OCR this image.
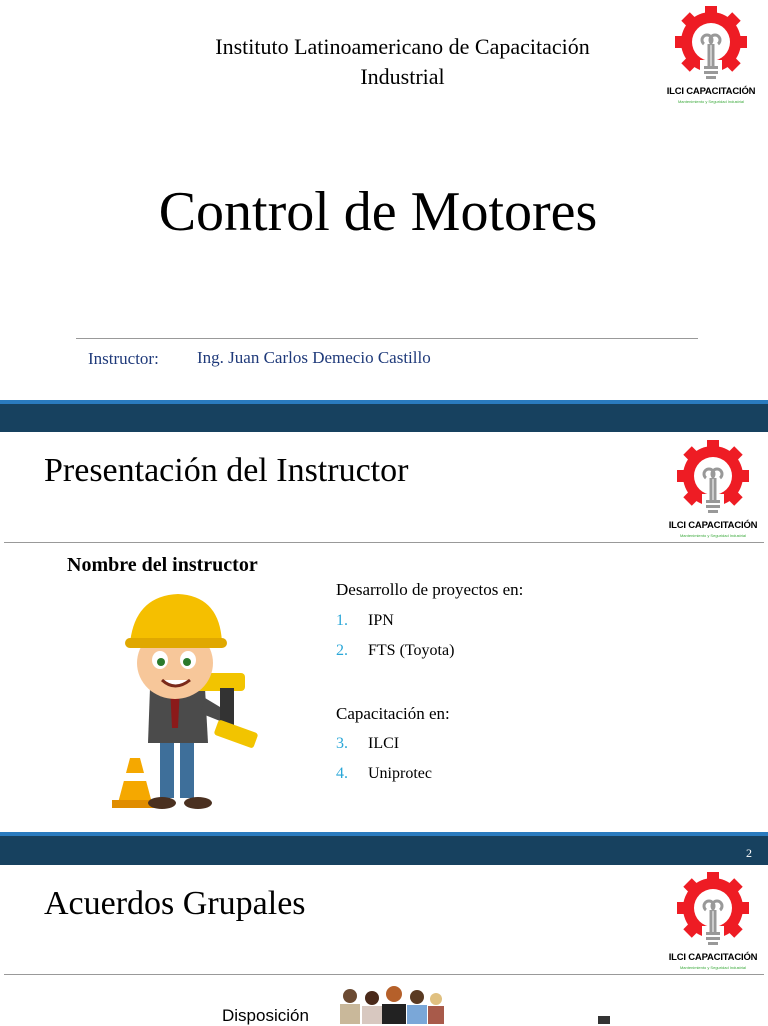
Instituto Latinoamericano de Capacitación
Industrial
ILCI CAPACITACIÓN
Mantenimiento y Seguridad Industrial
Control de Motores
Instructor: Ing. Juan Carlos Demecio Castillo
Presentación del Instructor
ILCI CAPACITACIÓN
Mantenimiento y Seguridad Industrial
Nombre del instructor
Desarrollo de proyectos en:
1. IPN
2. FTS (Toyota)
Capacitación en:
3. ILCI
4. Uniprotec
2
Acuerdos Grupales
ILCI CAPACITACIÓN
Mantenimiento y Seguridad Industrial
Disposición
